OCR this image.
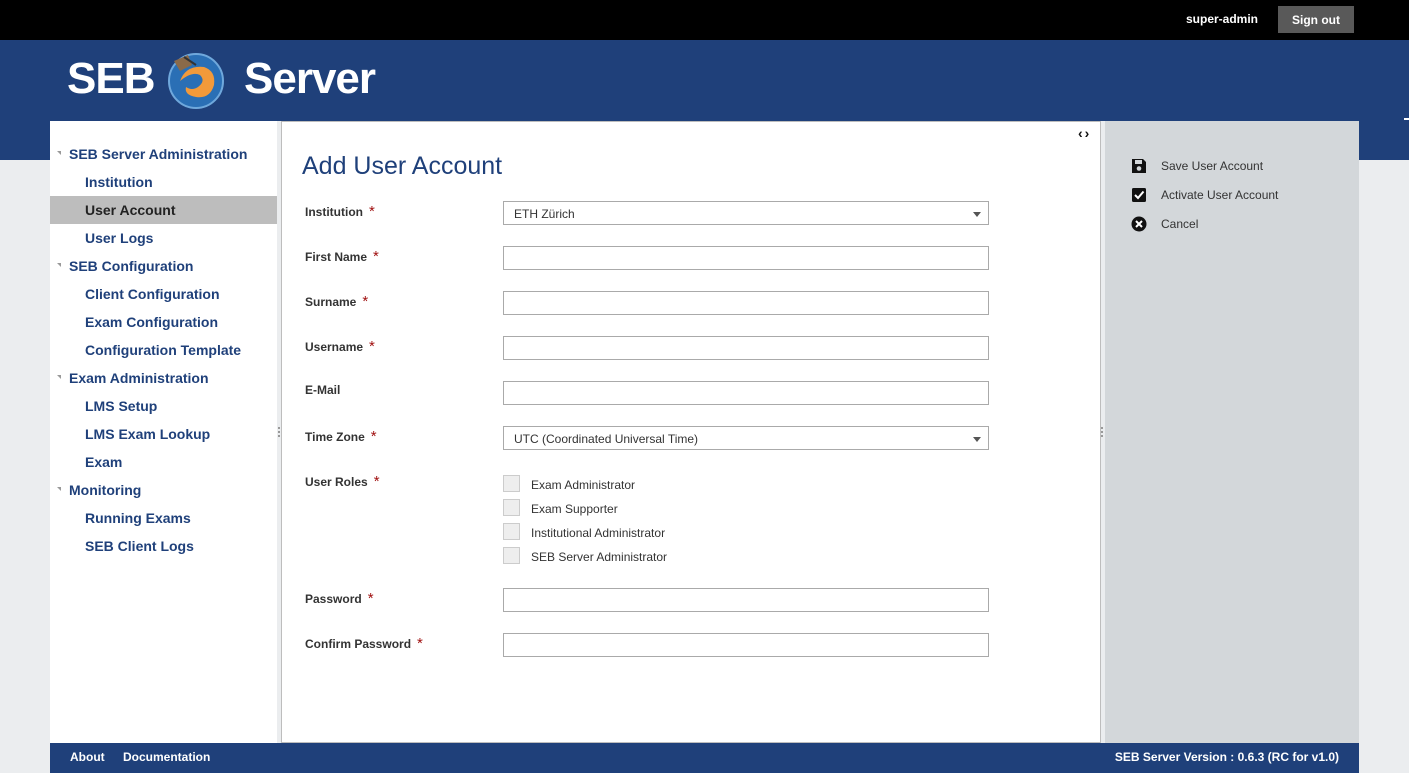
super-admin	Sign out
SEB Server
SEB Server Administration
Institution
User Account
User Logs
SEB Configuration
Client Configuration
Exam Configuration
Configuration Template
Exam Administration
LMS Setup
LMS Exam Lookup
Exam
Monitoring
Running Exams
SEB Client Logs
‹›
Add User Account
Institution *	ETH Zürich
First Name *
Surname *
Username *
E-Mail
Time Zone *	UTC (Coordinated Universal Time)
User Roles *	Exam Administrator
Exam Supporter
Institutional Administrator
SEB Server Administrator
Password *
Confirm Password *
Save User Account
Activate User Account
Cancel
About Documentation	SEB Server Version : 0.6.3 (RC for v1.0)
